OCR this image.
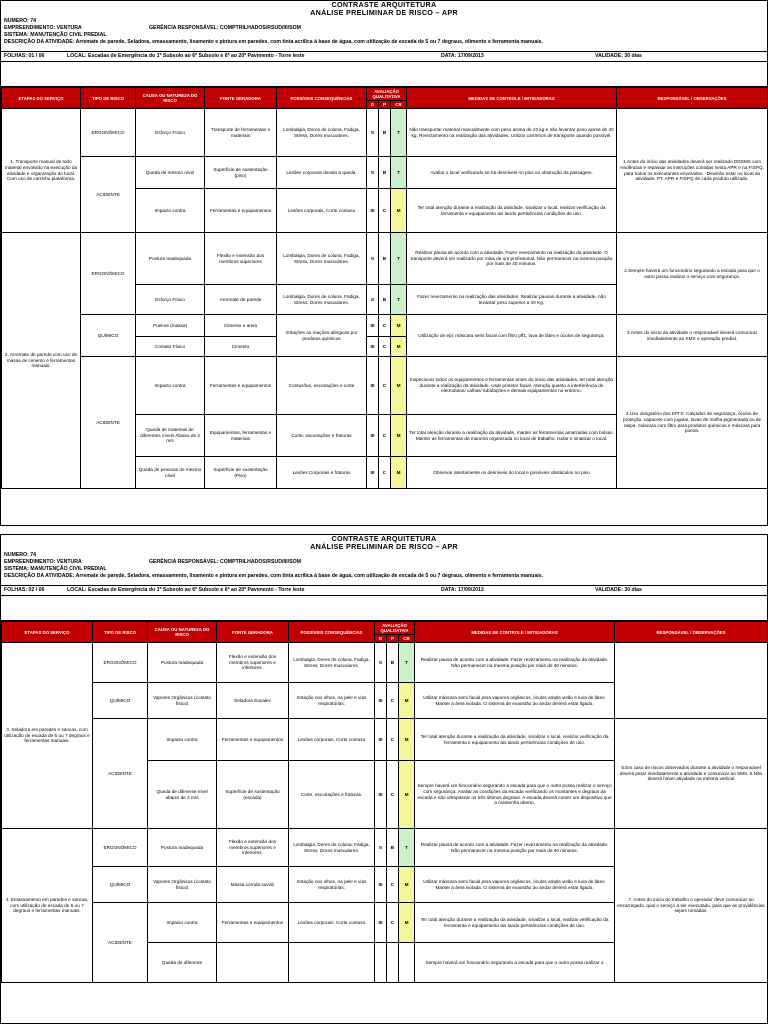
CONTRASTE ARQUITETURA
ANÁLISE PRELIMINAR DE RISCO – APR
NUMERO: 74
EMPREENDIMENTO: VENTURA	GERÊNCIA RESPONSÁVEL: COMPTRILHADOS/RSUD/III/SOM
SISTEMA: MANUTENÇÃO CIVIL PREDIAL
DESCRIÇÃO DA ATIVIDADE: Arremate de parede, Seladora, emassamento, lixamento e pintura em paredes, com tinta acrílica à base de água, com utilização de escada de 5 ou 7 degraus, olimento e ferramenta manuais.
FOLHAS: 01 / 06	LOCAL: Escadas de Emergência do 1º Subsolo ao 6º Subsolo e 6º ao 20º Pavimento - Torre leste	DATA: 17/09/2013	VALIDADE: 30 dias
ETAPAS DO SERVIÇO	TIPO DE RISCO	CAUSA OU NATUREZA DO RISCO	FONTE GERADORA	POSSÍVEIS CONSEQUÊNCIAS	AVALIAÇÃO QUALITATIVA			MEDIDAS DE CONTROLE / MITIGADORAS	RESPONSÁVEL / OBSERVAÇÕES
					G	P	CR		
1. Transporte manual de todo material envolvido na execução da atividade e organização do local. Com uso de carrinho plataforma.	ERGONÔMICO	Esforço Físico	Transporte de ferramentas e materiais	Lombalgia, Dores de coluna, Fadiga, Stress, Dores musculares.	II	B	T	Não transportar material manualmente com peso acima de 23 kg e não levantar peso acima de 40 kg. Revezamento na realização das atividades. Utilizar carrinhos de transporte quando possível.	1.Antes do início das atividades deverá ser realizado DDSMS com evidências e repassar as instruções contidas nesta APR e na FISPQ, para todos os executantes envolvidos. -Deverão estar no local da atividade, PT, APR e FISPQ de cada produto utilizado.
	ACIDENTE	Queda de mesmo nível	Superfície de sustentação (piso)	Lesões corporais devido a queda.	II	B	T	Avaliar o local verificando se há desníveis no piso ou obstrução da passagem.	
		Impacto contra	Ferramentas e equipamentos	Lesões corporais, Corte contuso	III	C	M	Ter total atenção durante a realização da atividade, sinalizar o local, realizar verificação da ferramenta e equipamento ais tando pertinências condições de uso.	
2. Arremate de parede com uso de massa de cimento e ferramentas manuais.	ERGONÔMICO	Postura Inadequada	Flexão e extensão dos membros superiores	Lombalgia, Dores de coluna, Fadiga, Stress, Dores musculares.	II	B	T	Realizar pausa de acordo com a atividade. Fazer revezamento na realização da atividade. O transporte deverá ser realizado por mais de um profissional. Não permanecer na mesma posição por mais de 40 minutos.	2.Sempre haverá um funcionário segurando a escada para que o outro possa realizar o serviço com segurança.
		Esforço Físico	Arremate de parede	Lombalgia, Dores de coluna, Fadiga, Stress, Dores musculares.	II	B	T	Fazer revezamento na realização das atividades. Realizar pausas durante a atividade, não levantar peso superior a 40 Kg.	
	QUÍMICO	Poeiras (massa)	Cimento e areia	Irritações ou reações alérgicas por produtos químicos	III	C	M	Utilização de epi: máscara semi facial com filtro pff1, luva de látex e óculos de segurança.	3.Antes do início da atividade o responsável deverá comunicar imediatamente ao SMS e operação predial.
		Contato Físico	Cimento		III	C	M		
	ACIDENTE	Impacto contra	Ferramentas e equipamentos	Contusões, escoriações e corte	III	C	M	Inspecionar todos os equipamentos e ferramentas antes do início das atividades, ter total atenção durante a realização da atividade. Usar protetor facial. Atenção quanto a interferência de eletrodutos/ calhas/ tubulações e demais equipamentos no entorno.	4.Uso obrigatório dos EPI'S: Calçados de segurança, óculos de proteção, capacete com jugular, luvas de malha pigmentada ou de raspa, máscara com filtro para produtos químicos e máscara para poeira.
		Queda de materiais de diferentes níveis Abaixo de 2 m/s	Equipamentos, ferramentas e materiais	Corte, escoriações e fraturas	III	C	M	Ter total atenção durante a realização da atividade, manter as ferramentas amarradas com bolsas. Manter as ferramentas de maneira organizada no local de trabalho. Isolar e sinalizar o local.	
		Queda de pessoas de mesmo nível	Superfície de sustentação (Piso)	Lesões Corporais e fraturas	III	C	M	Observar atentamente os desníveis do local e possíveis obstáculos no piso	
CONTRASTE ARQUITETURA
ANÁLISE PRELIMINAR DE RISCO – APR
NUMERO: 74
EMPREENDIMENTO: VENTURA	GERÊNCIA RESPONSÁVEL: COMPTRILHADOS/RSUD/III/SOM
SISTEMA: MANUTENÇÃO CIVIL PREDIAL
DESCRIÇÃO DA ATIVIDADE: Arremate de parede, Seladora, emassamento, lixamento e pintura em paredes, com tinta acrílica à base de água, com utilização de escada de 5 ou 7 degraus, olimento e ferramenta manuais.
FOLHAS: 02 / 06	LOCAL: Escadas de Emergência do 1º Subsolo ao 6º Subsolo e 6º ao 20º Pavimento - Torre leste	DATA: 17/09/2013	VALIDADE: 30 dias
ETAPAS DO SERVIÇO	TIPO DE RISCO	CAUSA OU NATUREZA DO RISCO	FONTE GERADORA	POSSÍVEIS CONSEQUÊNCIAS	AVALIAÇÃO QUALITATIVA			MEDIDAS DE CONTROLE / MITIGADORAS	RESPONSÁVEL / OBSERVAÇÕES
					G	P	CR		
3. Seladora em paredes e sancas, com utilização de escada de 5 ou 7 degraus e ferramentas manuais.	ERGONÔMICO	Postura Inadequada	Flexão e extensão dos membros superiores e inferiores.	Lombalgia, Dores de coluna, Fadiga, Stress, Dores musculares.	II	B	T	Realizar pausa de acordo com a atividade. Fazer revezamento na realização da atividade. Não permanecer na mesma posição por mais de 40 minutos.	
	QUÍMICO	Vapores Orgânicos (contato físico)	Seladora Eucalex	Irritação nos olhos, na pele e vias respiratórias.	III	C	M	Utilizar máscara semi facial para vapores orgânicos, óculos ampla visão e luva de látex. Manter a área isolada. O sistema de exaustão do andar deverá estar ligado.	
	ACIDENTE	Impacto contra	Ferramentas e equipamentos	Lesões corporais, Corte contuso	III	C	M	Ter total atenção durante a realização da atividade, sinalizar o local, realizar verificação da ferramenta e equipamento ais tando pertinências condições de uso.	5.Em caso de riscos observados durante a atividade o responsável deverá parar imediatamente a atividade e comunicar ao SMS. 6.Não deverá haver atividade na mesma vertical
		Queda de diferente nível abaixo de 2 m/s	Superfície de sustentação (escada)	Corte, escoriações e fraturas.	III	C	M	Sempre haverá um funcionário segurando a escada para que o outro possa realizar o serviço com segurança. Avaliar as condições da escada verificando os montantes e degraus da escada e não ultrapassar os três últimos degraus. A escada deverá conter um dispositivo que a mantenha aberto.	
4. Emassamento em paredes e sancas, com utilização de escada de 5 ou 7 degraus e ferramentas manuais.	ERGONÔMICO	Postura Inadequada	Flexão e extensão dos membros superiores e inferiores.	Lombalgia, Dores de coluna, Fadiga, Stress, Dores musculares.	II	B	T	Realizar pausa de acordo com a atividade. Fazer revezamento na realização da atividade. Não permanecer na mesma posição por mais de 40 minutos.	7. Antes do início do trabalho o operador deve comunicar ao encarregado, qual o serviço a ser executado, para que as providências sejam tomadas.
	QUÍMICO	Vapores Orgânicos (contato físico)	Massa corrida suvinil	Irritação nos olhos, na pele e vias respiratórias.	III	C	M	Utilizar máscara semi facial para vapores orgânicos, óculos ampla visão e luva de látex. Manter a área isolada. O sistema de exaustão do andar deverá estar ligado.	
	ACIDENTE	Impacto contra	Ferramentas e equipamentos	Lesões corporais, Corte contuso	III	C	M	Ter total atenção durante a realização da atividade, sinalizar o local, realizar verificação da ferramenta e equipamento ais tando pertinências condições de uso.	
		Queda de diferente						Sempre haverá um funcionário segurando a escada para que o outro possa realizar o	
